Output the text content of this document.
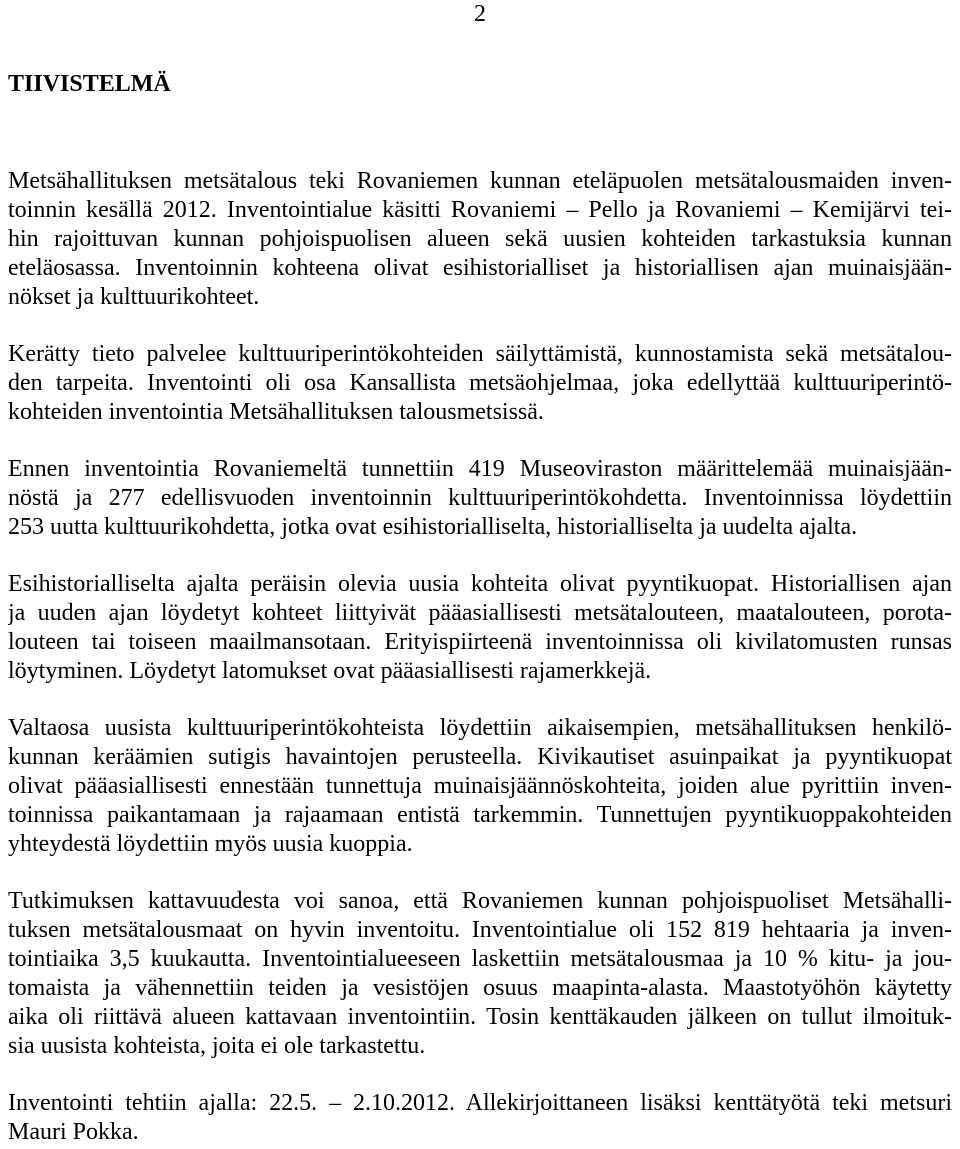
2
TIIVISTELMÄ
Metsähallituksen metsätalous teki Rovaniemen kunnan eteläpuolen metsätalousmaiden inven-
toinnin kesällä 2012. Inventointialue käsitti Rovaniemi – Pello ja Rovaniemi – Kemijärvi tei-
hin rajoittuvan kunnan pohjoispuolisen alueen sekä uusien kohteiden tarkastuksia kunnan
eteläosassa. Inventoinnin kohteena olivat esihistorialliset ja historiallisen ajan muinaisjään-
nökset ja kulttuurikohteet.
Kerätty tieto palvelee kulttuuriperintökohteiden säilyttämistä, kunnostamista sekä metsätalou-
den tarpeita. Inventointi oli osa Kansallista metsäohjelmaa, joka edellyttää kulttuuriperintö-
kohteiden inventointia Metsähallituksen talousmetsissä.
Ennen inventointia Rovaniemeltä tunnettiin 419 Museoviraston määrittelemää muinaisjään-
nöstä ja 277 edellisvuoden inventoinnin kulttuuriperintökohdetta. Inventoinnissa löydettiin
253 uutta kulttuurikohdetta, jotka ovat esihistorialliselta, historialliselta ja uudelta ajalta.
Esihistorialliselta ajalta peräisin olevia uusia kohteita olivat pyyntikuopat. Historiallisen ajan
ja uuden ajan löydetyt kohteet liittyivät pääasiallisesti metsätalouteen, maatalouteen, porota-
louteen tai toiseen maailmansotaan. Erityispiirteenä inventoinnissa oli kivilatomusten runsas
löytyminen. Löydetyt latomukset ovat pääasiallisesti rajamerkkejä.
Valtaosa uusista kulttuuriperintökohteista löydettiin aikaisempien, metsähallituksen henkilö-
kunnan keräämien sutigis havaintojen perusteella. Kivikautiset asuinpaikat ja pyyntikuopat
olivat pääasiallisesti ennestään tunnettuja muinaisjäännöskohteita, joiden alue pyrittiin inven-
toinnissa paikantamaan ja rajaamaan entistä tarkemmin. Tunnettujen pyyntikuoppakohteiden
yhteydestä löydettiin myös uusia kuoppia.
Tutkimuksen kattavuudesta voi sanoa, että Rovaniemen kunnan pohjoispuoliset Metsähalli-
tuksen metsätalousmaat on hyvin inventoitu. Inventointialue oli 152 819 hehtaaria ja inven-
tointiaika 3,5 kuukautta. Inventointialueeseen laskettiin metsätalousmaa ja 10 % kitu- ja jou-
tomaista ja vähennettiin teiden ja vesistöjen osuus maapinta-alasta. Maastotyöhön käytetty
aika oli riittävä alueen kattavaan inventointiin. Tosin kenttäkauden jälkeen on tullut ilmoituk-
sia uusista kohteista, joita ei ole tarkastettu.
Inventointi tehtiin ajalla: 22.5. – 2.10.2012. Allekirjoittaneen lisäksi kenttätyötä teki metsuri
Mauri Pokka.
